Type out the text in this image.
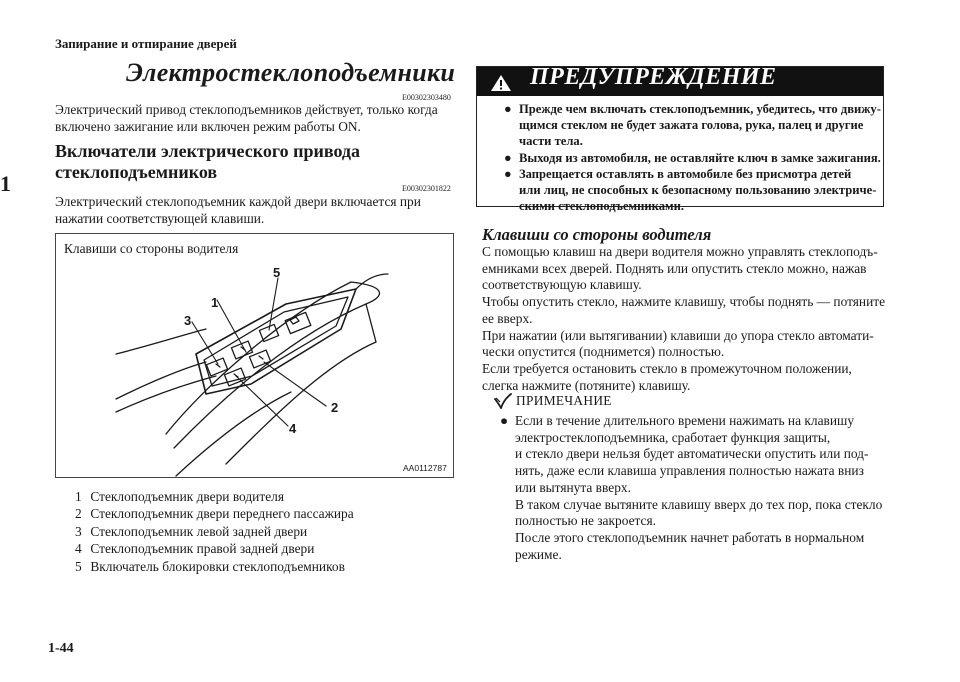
Запирание и отпирание дверей
1
1-44
Электростеклоподъемники
E00302303480
Электрический привод стеклоподъемников действует, только когда
включено зажигание или включен режим работы ON.
Включатели электрического привода
стеклоподъемников
E00302301822
Электрический стеклоподъемник каждой двери включается при
нажатии соответствующей клавиши.
Клавиши со стороны водителя
1
2
3
4
5
AA0112787
1 Стеклоподъемник двери водителя
2 Стеклоподъемник двери переднего пассажира
3 Стеклоподъемник левой задней двери
4 Стеклоподъемник правой задней двери
5 Включатель блокировки стеклоподъемников
ПРЕДУПРЕЖДЕНИЕ
● Прежде чем включать стеклоподъемник, убедитесь, что движу-
щимся стеклом не будет зажата голова, рука, палец и другие
части тела.
● Выходя из автомобиля, не оставляйте ключ в замке зажигания.
● Запрещается оставлять в автомобиле без присмотра детей
или лиц, не способных к безопасному пользованию электриче-
скими стеклоподъемниками.
Клавиши со стороны водителя
С помощью клавиш на двери водителя можно управлять стеклоподъ-
емниками всех дверей. Поднять или опустить стекло можно, нажав
соответствующую клавишу.
Чтобы опустить стекло, нажмите клавишу, чтобы поднять — потяните
ее вверх.
При нажатии (или вытягивании) клавиши до упора стекло автомати-
чески опустится (поднимется) полностью.
Если требуется остановить стекло в промежуточном положении,
слегка нажмите (потяните) клавишу.
ПРИМЕЧАНИЕ
● Если в течение длительного времени нажимать на клавишу
электростеклоподъемника, сработает функция защиты,
и стекло двери нельзя будет автоматически опустить или под-
нять, даже если клавиша управления полностью нажата вниз
или вытянута вверх.
В таком случае вытяните клавишу вверх до тех пор, пока стекло
полностью не закроется.
После этого стеклоподъемник начнет работать в нормальном
режиме.
